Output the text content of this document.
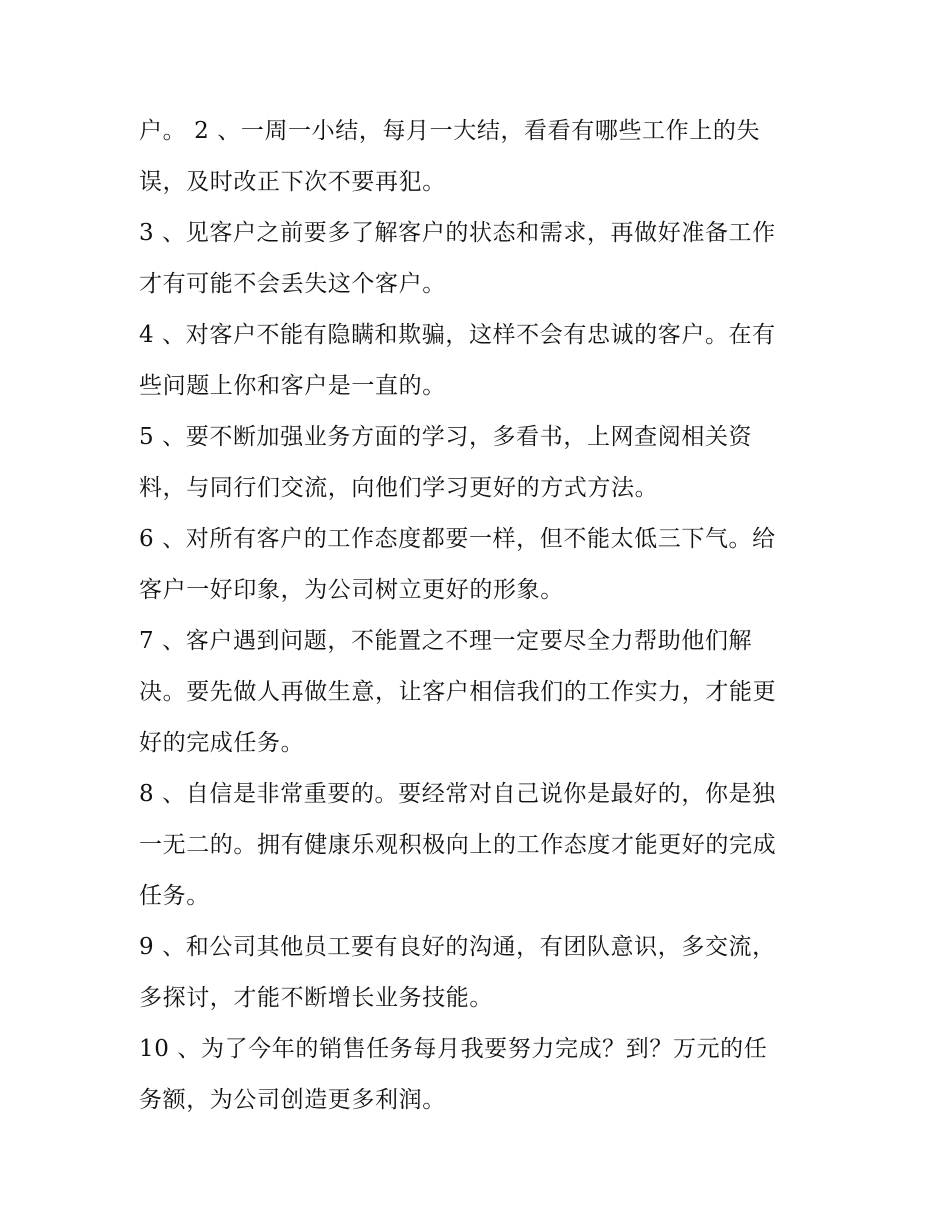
户。 2 、一周一小结，每月一大结，看看有哪些工作上的失
误，及时改正下次不要再犯。
3 、见客户之前要多了解客户的状态和需求，再做好准备工作
才有可能不会丢失这个客户。
4 、对客户不能有隐瞒和欺骗，这样不会有忠诚的客户。在有
些问题上你和客户是一直的。
5 、要不断加强业务方面的学习，多看书，上网查阅相关资
料，与同行们交流，向他们学习更好的方式方法。
6 、对所有客户的工作态度都要一样，但不能太低三下气。给
客户一好印象，为公司树立更好的形象。
7 、客户遇到问题，不能置之不理一定要尽全力帮助他们解
决。要先做人再做生意，让客户相信我们的工作实力，才能更
好的完成任务。
8 、自信是非常重要的。要经常对自己说你是最好的，你是独
一无二的。拥有健康乐观积极向上的工作态度才能更好的完成
任务。
9 、和公司其他员工要有良好的沟通，有团队意识，多交流，
多探讨，才能不断增长业务技能。
10 、为了今年的销售任务每月我要努力完成？到？万元的任
务额，为公司创造更多利润。
